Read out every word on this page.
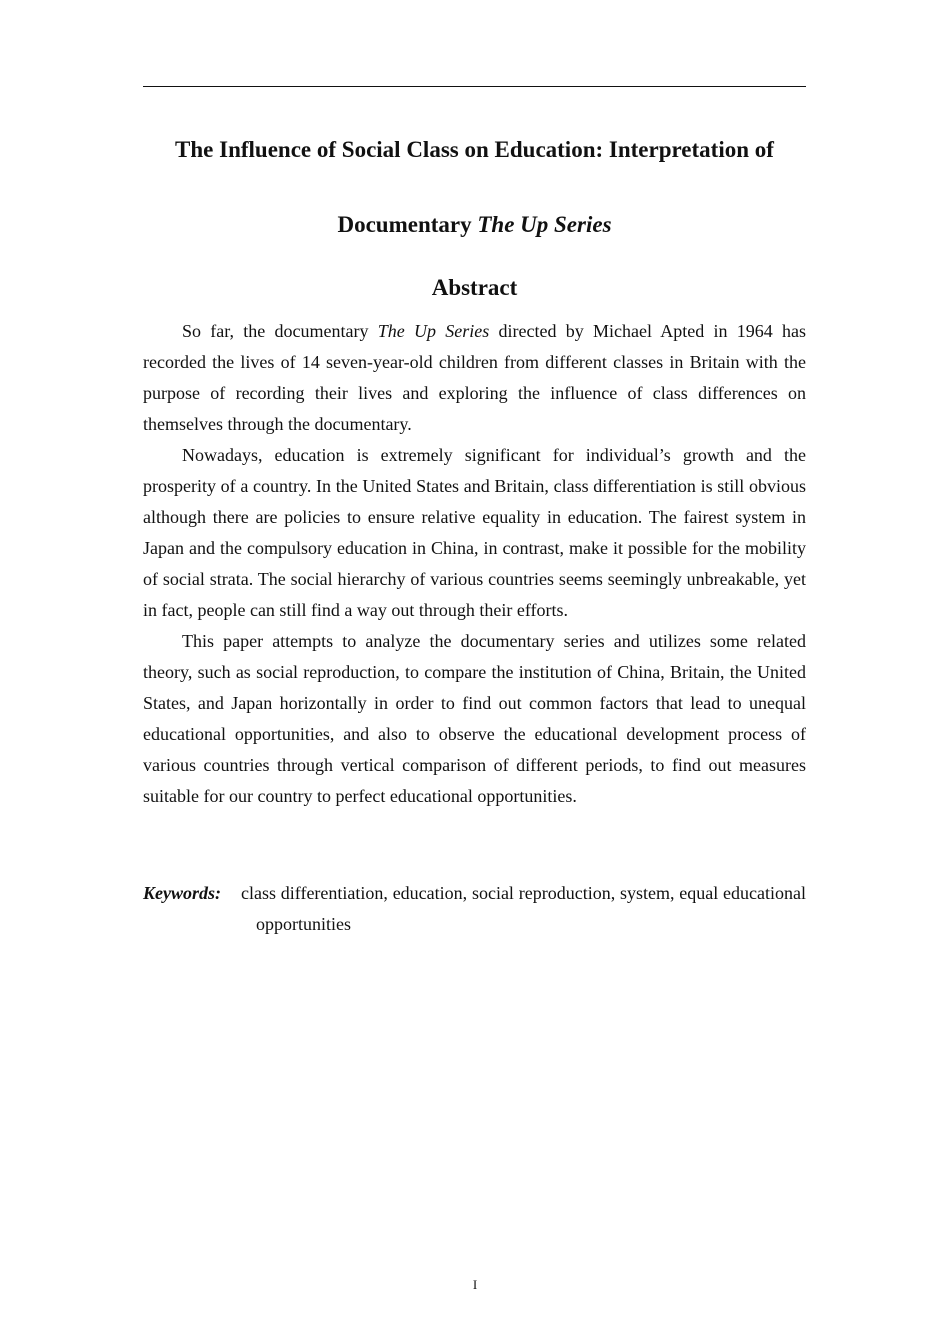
The Influence of Social Class on Education: Interpretation of
Documentary The Up Series
Abstract

So far, the documentary The Up Series directed by Michael Apted in 1964 has recorded the lives of 14 seven-year-old children from different classes in Britain with the purpose of recording their lives and exploring the influence of class differences on themselves through the documentary.

Nowadays, education is extremely significant for individual’s growth and the prosperity of a country. In the United States and Britain, class differentiation is still obvious although there are policies to ensure relative equality in education. The fairest system in Japan and the compulsory education in China, in contrast, make it possible for the mobility of social strata. The social hierarchy of various countries seems seemingly unbreakable, yet in fact, people can still find a way out through their efforts.

This paper attempts to analyze the documentary series and utilizes some related theory, such as social reproduction, to compare the institution of China, Britain, the United States, and Japan horizontally in order to find out common factors that lead to unequal educational opportunities, and also to observe the educational development process of various countries through vertical comparison of different periods, to find out measures suitable for our country to perfect educational opportunities.

Keywords: class differentiation, education, social reproduction, system, equal educational opportunities
I
